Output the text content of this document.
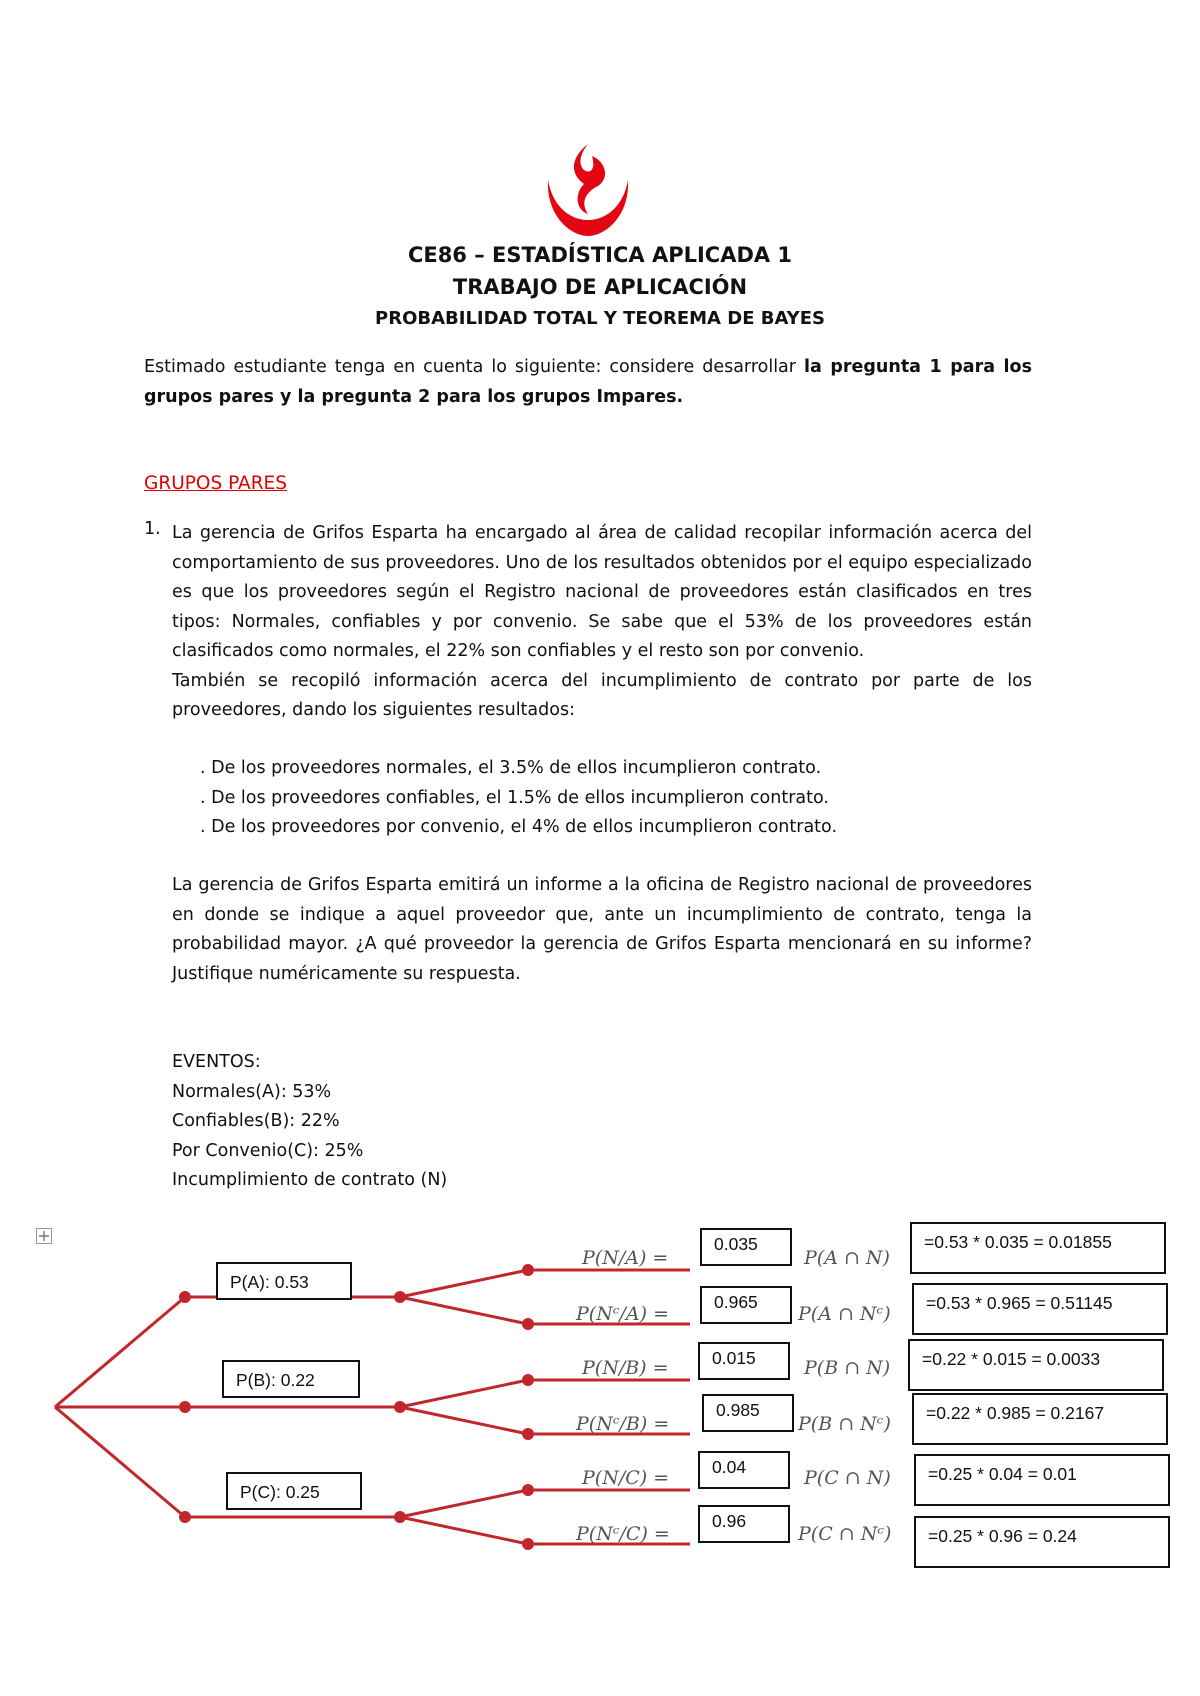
CE86 – ESTADÍSTICA APLICADA 1
TRABAJO DE APLICACIÓN
PROBABILIDAD TOTAL Y TEOREMA DE BAYES
Estimado estudiante tenga en cuenta lo siguiente: considere desarrollar la pregunta 1 para los grupos pares y la pregunta 2 para los grupos Impares.
GRUPOS PARES
1. La gerencia de Grifos Esparta ha encargado al área de calidad recopilar información acerca del comportamiento de sus proveedores. Uno de los resultados obtenidos por el equipo especializado es que los proveedores según el Registro nacional de proveedores están clasificados en tres tipos: Normales, confiables y por convenio. Se sabe que el 53% de los proveedores están clasificados como normales, el 22% son confiables y el resto son por convenio.

También se recopiló información acerca del incumplimiento de contrato por parte de los proveedores, dando los siguientes resultados:

. De los proveedores normales, el 3.5% de ellos incumplieron contrato.
. De los proveedores confiables, el 1.5% de ellos incumplieron contrato.
. De los proveedores por convenio, el 4% de ellos incumplieron contrato.
La gerencia de Grifos Esparta emitirá un informe a la oficina de Registro nacional de proveedores en donde se indique a aquel proveedor que, ante un incumplimiento de contrato, tenga la probabilidad mayor. ¿A qué proveedor la gerencia de Grifos Esparta mencionará en su informe? Justifique numéricamente su respuesta.
EVENTOS:
Normales(A): 53%
Confiables(B): 22%
Por Convenio(C): 25%
Incumplimiento de contrato (N)
P(A): 0.53
P(B): 0.22
P(C): 0.25
P(N/A) =
P(Nᶜ/A) =
P(N/B) =
P(Nᶜ/B) =
P(N/C) =
P(Nᶜ/C) =
0.035
0.965
0.015
0.985
0.04
0.96
P(A ∩ N)
P(A ∩ Nᶜ)
P(B ∩ N)
P(B ∩ Nᶜ)
P(C ∩ N)
P(C ∩ Nᶜ)
=0.53 * 0.035 = 0.01855
=0.53 * 0.965 = 0.51145
=0.22 * 0.015 = 0.0033
=0.22 * 0.985 = 0.2167
=0.25 * 0.04 = 0.01
=0.25 * 0.96 = 0.24
